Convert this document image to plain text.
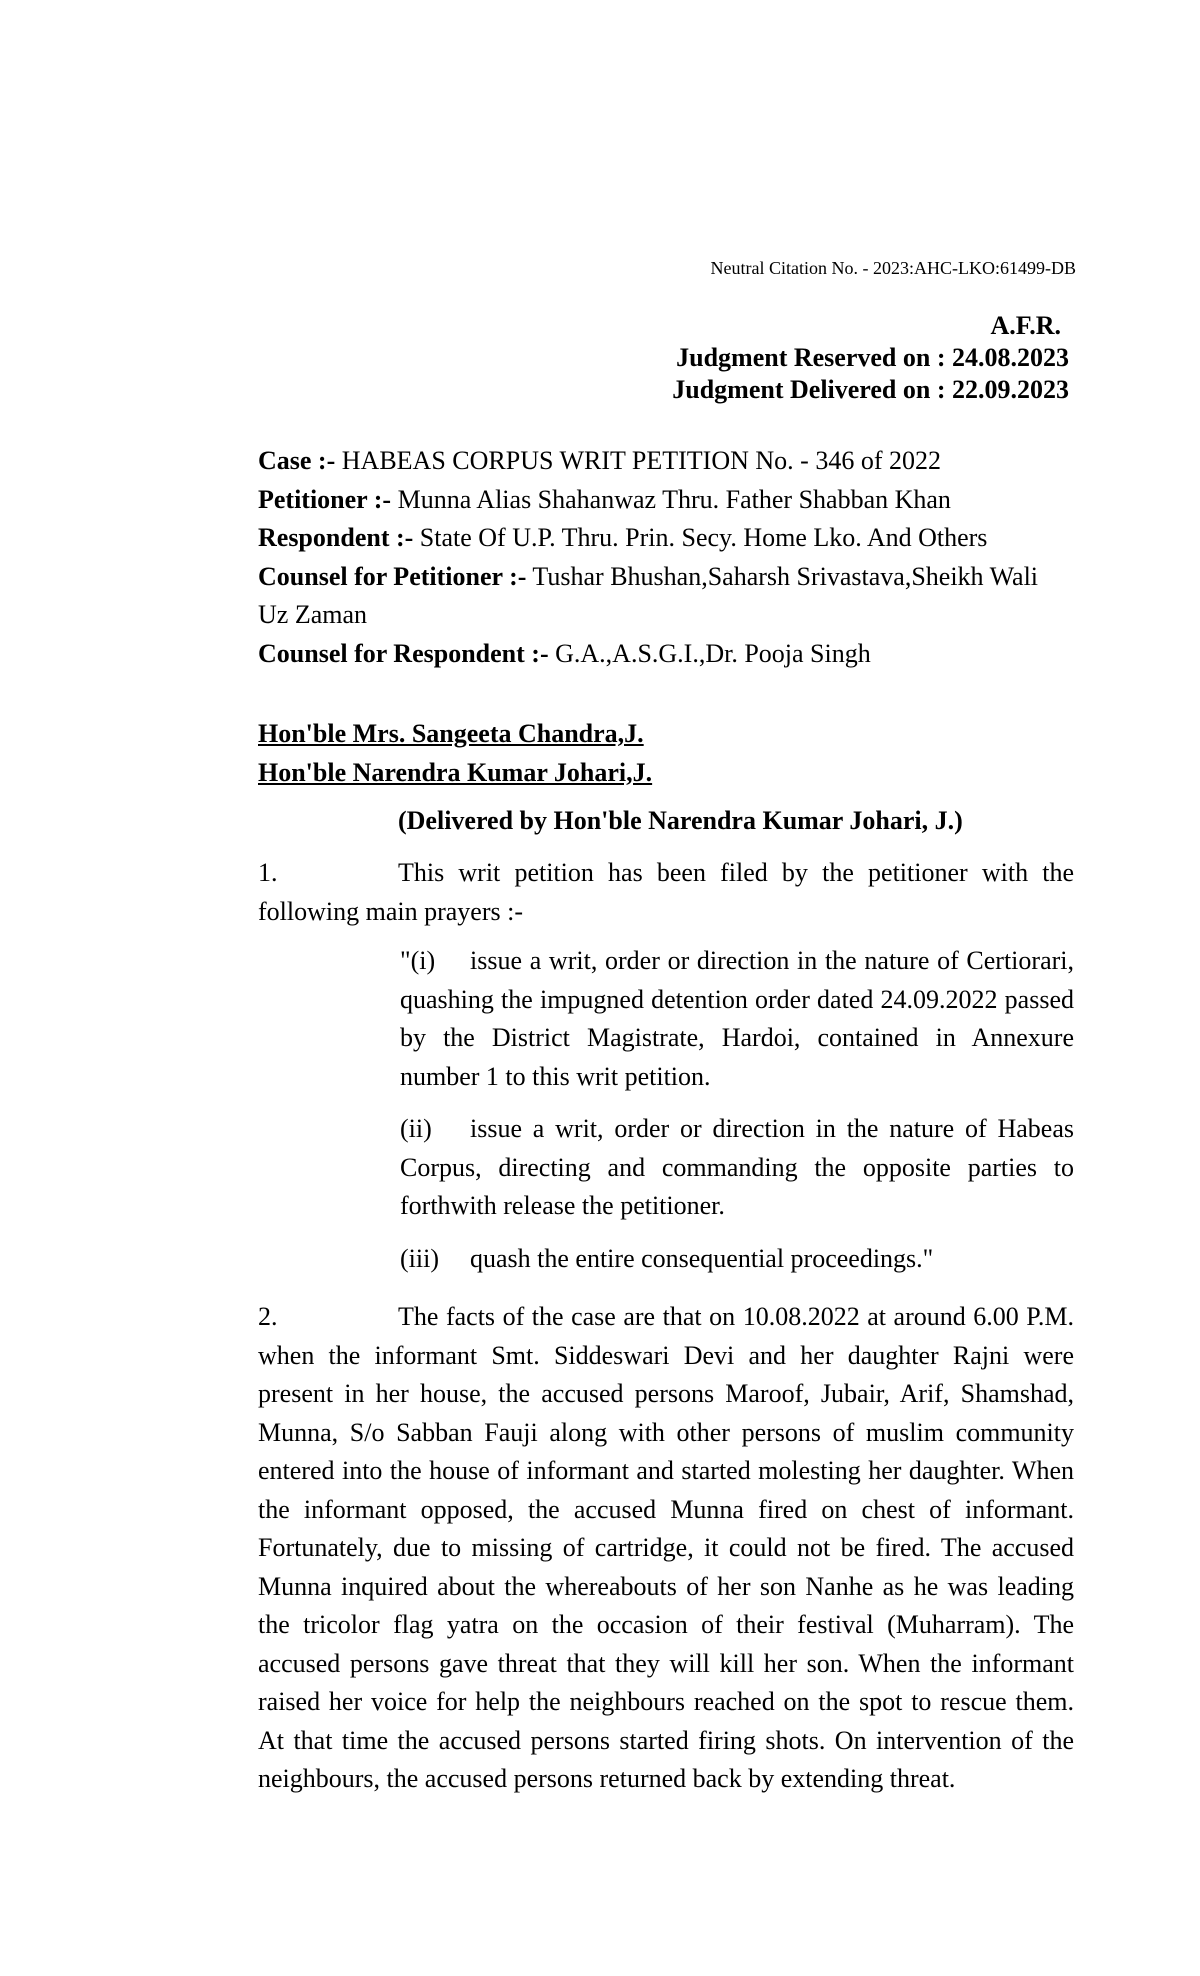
Neutral Citation No. - 2023:AHC-LKO:61499-DB
A.F.R.
Judgment Reserved on : 24.08.2023
Judgment Delivered on : 22.09.2023

Case :- HABEAS CORPUS WRIT PETITION No. - 346 of 2022

Petitioner :- Munna Alias Shahanwaz Thru. Father Shabban Khan

Respondent :- State Of U.P. Thru. Prin. Secy. Home Lko. And Others

Counsel for Petitioner :- Tushar Bhushan,Saharsh Srivastava,Sheikh Wali Uz Zaman

Counsel for Respondent :- G.A.,A.S.G.I.,Dr. Pooja Singh

Hon'ble Mrs. Sangeeta Chandra,J.

Hon'ble Narendra Kumar Johari,J.

(Delivered by Hon'ble Narendra Kumar Johari, J.)
1.	This writ petition has been filed by the petitioner with the following main prayers :-

"(i) issue a writ, order or direction in the nature of Certiorari, quashing the impugned detention order dated 24.09.2022 passed by the District Magistrate, Hardoi, contained in Annexure number 1 to this writ petition.

(ii) issue a writ, order or direction in the nature of Habeas Corpus, directing and commanding the opposite parties to forthwith release the petitioner.

(iii) quash the entire consequential proceedings."

2.	The facts of the case are that on 10.08.2022 at around 6.00 P.M. when the informant Smt. Siddeswari Devi and her daughter Rajni were present in her house, the accused persons Maroof, Jubair, Arif, Shamshad, Munna, S/o Sabban Fauji along with other persons of muslim community entered into the house of informant and started molesting her daughter. When the informant opposed, the accused Munna fired on chest of informant. Fortunately, due to missing of cartridge, it could not be fired. The accused Munna inquired about the whereabouts of her son Nanhe as he was leading the tricolor flag yatra on the occasion of their festival (Muharram). The accused persons gave threat that they will kill her son. When the informant raised her voice for help the neighbours reached on the spot to rescue them. At that time the accused persons started firing shots. On intervention of the neighbours, the accused persons returned back by extending threat.
